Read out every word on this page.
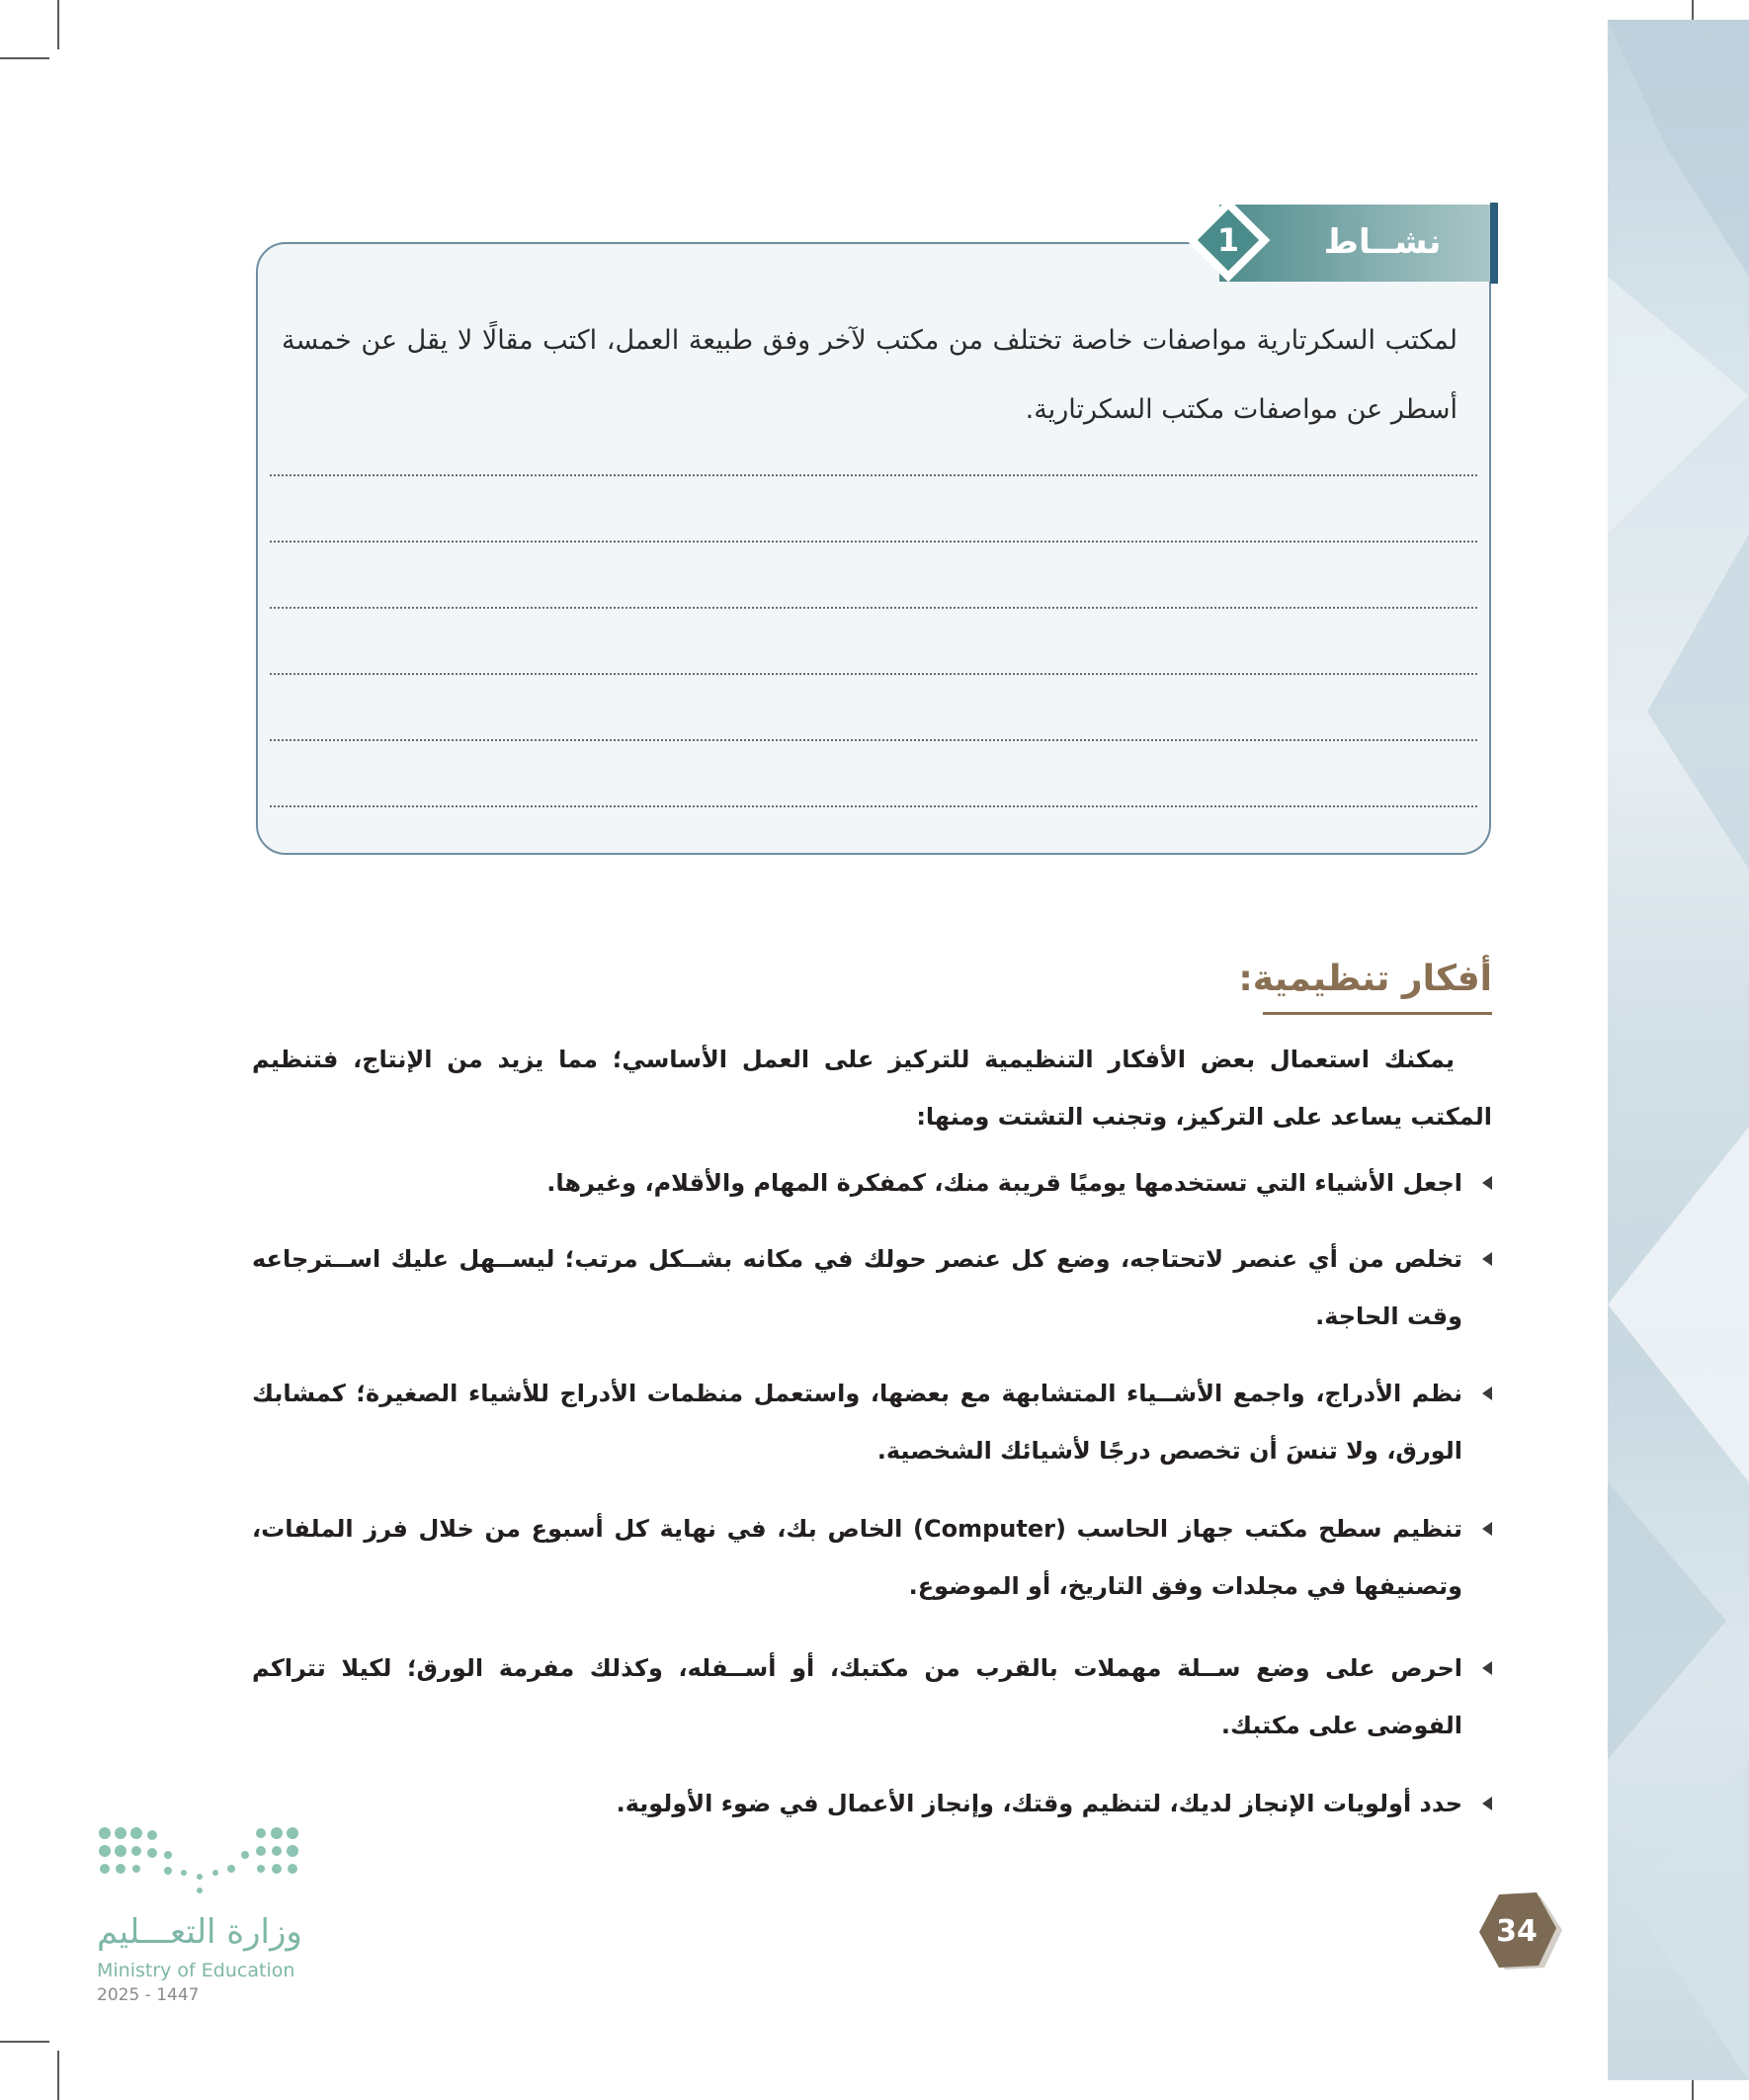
نشــاط
1

لمكتب السكرتارية مواصفات خاصة تختلف من مكتب لآخر وفق طبيعة العمل، اكتب مقالًا لا يقل عن خمسة أسطر عن مواصفات مكتب السكرتارية.

أفكار تنظيمية:

يمكنك استعمال بعض الأفكار التنظيمية للتركيز على العمل الأساسي؛ مما يزيد من الإنتاج، فتنظيم المكتب يساعد على التركيز، وتجنب التشتت ومنها:

اجعل الأشياء التي تستخدمها يوميًا قريبة منك، كمفكرة المهام والأقلام، وغيرها.

تخلص من أي عنصر لاتحتاجه، وضع كل عنصر حولك في مكانه بشــكل مرتب؛ ليســهل عليك اســترجاعه وقت الحاجة.

نظم الأدراج، واجمع الأشــياء المتشابهة مع بعضها، واستعمل منظمات الأدراج للأشياء الصغيرة؛ كمشابك الورق، ولا تنسَ أن تخصص درجًا لأشيائك الشخصية.

تنظيم سطح مكتب جهاز الحاسب (Computer) الخاص بك، في نهاية كل أسبوع من خلال فرز الملفات، وتصنيفها في مجلدات وفق التاريخ، أو الموضوع.

احرص على وضع ســلة مهملات بالقرب من مكتبك، أو أســفله، وكذلك مفرمة الورق؛ لكيلا تتراكم الفوضى على مكتبك.

حدد أولويات الإنجاز لديك، لتنظيم وقتك، وإنجاز الأعمال في ضوء الأولوية.

وزارة التعـــليم
Ministry of Education
2025 - 1447
34
